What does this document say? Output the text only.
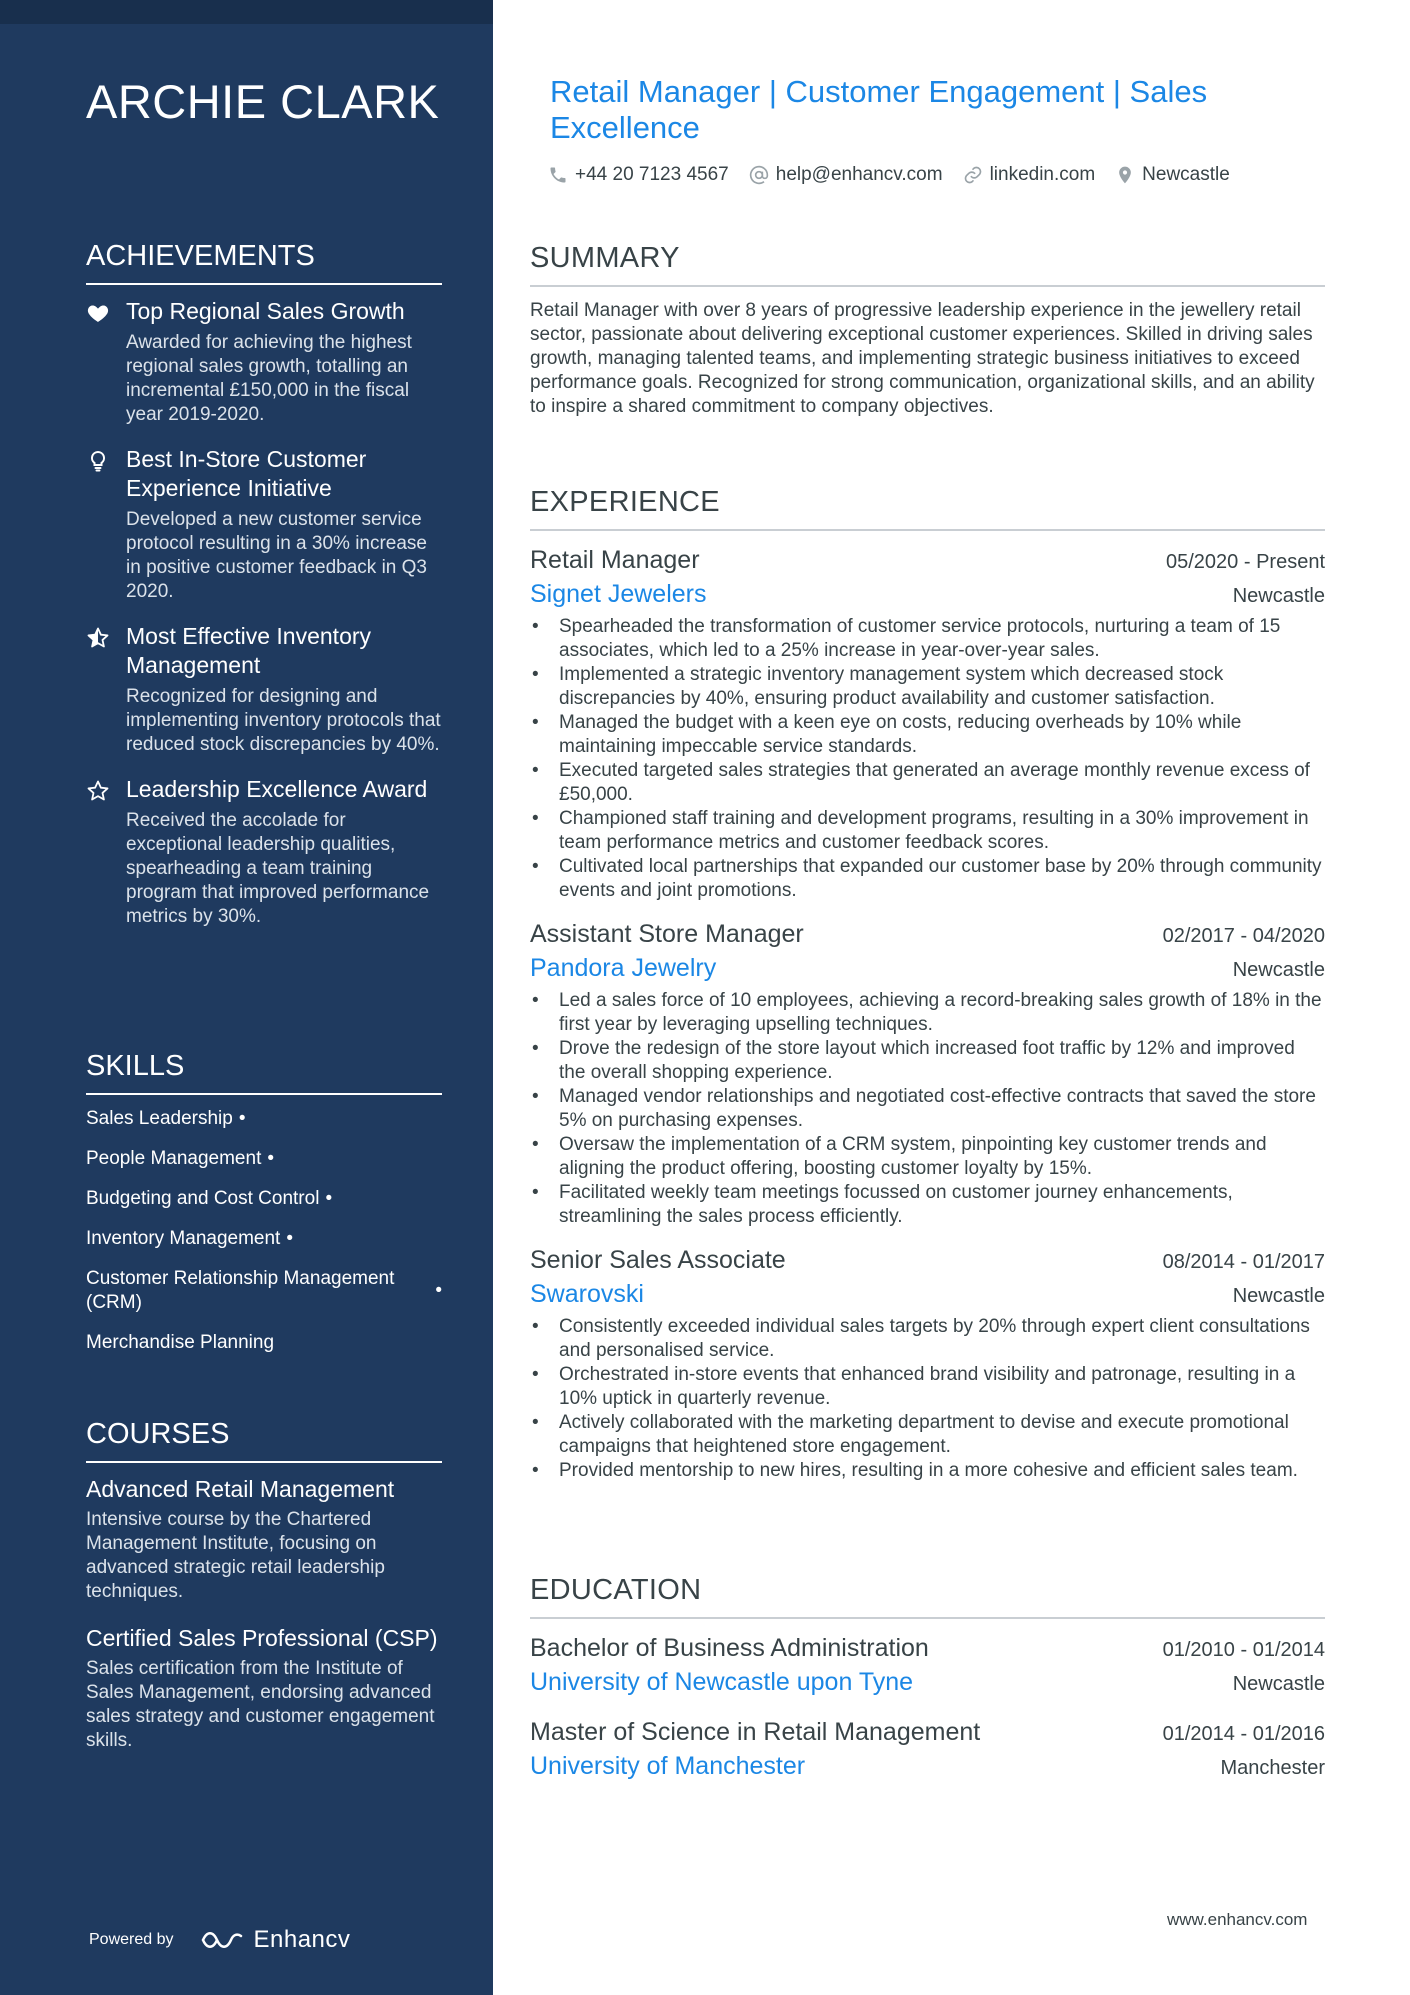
ARCHIE CLARK
ACHIEVEMENTS
Top Regional Sales Growth
Awarded for achieving the highest regional sales growth, totalling an incremental £150,000 in the fiscal year 2019-2020.
Best In-Store Customer Experience Initiative
Developed a new customer service protocol resulting in a 30% increase in positive customer feedback in Q3 2020.
Most Effective Inventory Management
Recognized for designing and implementing inventory protocols that reduced stock discrepancies by 40%.
Leadership Excellence Award
Received the accolade for exceptional leadership qualities, spearheading a team training program that improved performance metrics by 30%.
SKILLS
Sales Leadership •
People Management •
Budgeting and Cost Control •
Inventory Management •
Customer Relationship Management (CRM)
•
Merchandise Planning
COURSES
Advanced Retail Management
Intensive course by the Chartered Management Institute, focusing on advanced strategic retail leadership techniques.
Certified Sales Professional (CSP)
Sales certification from the Institute of Sales Management, endorsing advanced sales strategy and customer engagement skills.
Powered by	Enhancv
Retail Manager | Customer Engagement | Sales Excellence
+44 20 7123 4567 help@enhancv.com linkedin.com Newcastle
SUMMARY
Retail Manager with over 8 years of progressive leadership experience in the jewellery retail sector, passionate about delivering exceptional customer experiences. Skilled in driving sales growth, managing talented teams, and implementing strategic business initiatives to exceed performance goals. Recognized for strong communication, organizational skills, and an ability to inspire a shared commitment to company objectives.
EXPERIENCE
Retail Manager	05/2020 - Present
Signet Jewelers	Newcastle
• Spearheaded the transformation of customer service protocols, nurturing a team of 15 associates, which led to a 25% increase in year-over-year sales.
• Implemented a strategic inventory management system which decreased stock discrepancies by 40%, ensuring product availability and customer satisfaction.
• Managed the budget with a keen eye on costs, reducing overheads by 10% while maintaining impeccable service standards.
• Executed targeted sales strategies that generated an average monthly revenue excess of £50,000.
• Championed staff training and development programs, resulting in a 30% improvement in team performance metrics and customer feedback scores.
• Cultivated local partnerships that expanded our customer base by 20% through community events and joint promotions.
Assistant Store Manager	02/2017 - 04/2020
Pandora Jewelry	Newcastle
• Led a sales force of 10 employees, achieving a record-breaking sales growth of 18% in the first year by leveraging upselling techniques.
• Drove the redesign of the store layout which increased foot traffic by 12% and improved the overall shopping experience.
• Managed vendor relationships and negotiated cost-effective contracts that saved the store 5% on purchasing expenses.
• Oversaw the implementation of a CRM system, pinpointing key customer trends and aligning the product offering, boosting customer loyalty by 15%.
• Facilitated weekly team meetings focussed on customer journey enhancements, streamlining the sales process efficiently.
Senior Sales Associate	08/2014 - 01/2017
Swarovski	Newcastle
• Consistently exceeded individual sales targets by 20% through expert client consultations and personalised service.
• Orchestrated in-store events that enhanced brand visibility and patronage, resulting in a 10% uptick in quarterly revenue.
• Actively collaborated with the marketing department to devise and execute promotional campaigns that heightened store engagement.
• Provided mentorship to new hires, resulting in a more cohesive and efficient sales team.
EDUCATION
Bachelor of Business Administration	01/2010 - 01/2014
University of Newcastle upon Tyne	Newcastle
Master of Science in Retail Management	01/2014 - 01/2016
University of Manchester	Manchester
www.enhancv.com
